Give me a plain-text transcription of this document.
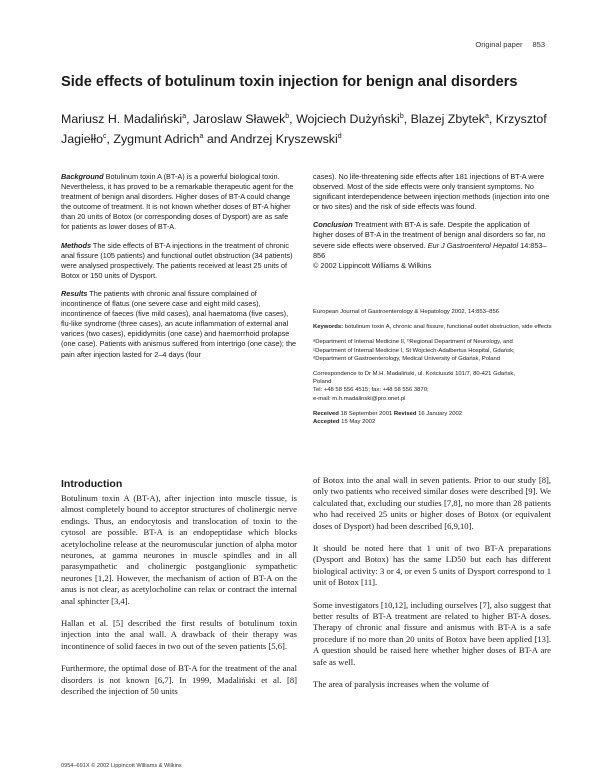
Original paper 853
Side effects of botulinum toxin injection for benign anal disorders
Mariusz H. Madaliński$^a$, Jaroslaw Sławek$^b$, Wojciech Dużyński$^b$, Blazej Zbytek$^a$, Krzysztof Jagiełło$^c$, Zygmunt Adrich$^a$ and Andrzej Kryszewski$^d$

Background Botulinum toxin A (BT-A) is a powerful biological toxin. Nevertheless, it has proved to be a remarkable therapeutic agent for the treatment of benign anal disorders. Higher doses of BT-A could change the outcome of treatment. It is not known whether doses of BT-A higher than 20 units of Botox (or corresponding doses of Dysport) are as safe for patients as lower doses of BT-A.

Methods The side effects of BT-A injections in the treatment of chronic anal fissure (105 patients) and functional outlet obstruction (34 patients) were analysed prospectively. The patients received at least 25 units of Botox or 150 units of Dysport.

Results The patients with chronic anal fissure complained of incontinence of flatus (one severe case and eight mild cases), incontinence of faeces (five mild cases), anal haematoma (five cases), flu-like syndrome (three cases), an acute inflammation of external anal varices (two cases), epididymitis (one case) and haemorrhoid prolapse (one case). Patients with anismus suffered from intertrigo (one case); the pain after injection lasted for 2–4 days (four

cases). No life-threatening side effects after 181 injections of BT-A were observed. Most of the side effects were only transient symptoms. No significant interdependence between injection methods (injection into one or two sites) and the risk of side effects was found.

Conclusion Treatment with BT-A is safe. Despite the application of higher doses of BT-A in the treatment of benign anal disorders so far, no severe side effects were observed. Eur J Gastroenterol Hepatol 14:853–856
© 2002 Lippincott Williams & Wilkins

European Journal of Gastroenterology & Hepatology 2002, 14:853–856

Keywords: botulinum toxin A, chronic anal fissure, functional outlet obstruction, side effects

ᵃDepartment of Internal Medicine II, ᵇRegional Department of Neurology, and

ᶜDepartment of Internal Medicine I, St Wojciech-Adalbertus Hospital, Gdańsk;

ᵈDepartment of Gastroenterology, Medical University of Gdańsk, Poland

Correspondence to Dr M.H. Madaliński, ul. Kościuszki 101/7, 80-421 Gdańsk,

Poland

Tel: +48 58 556 4515; fax: +48 58 556 3870;

e-mail: m.h.madalinski@pro.onet.pl

Received 18 September 2001 Revised 16 January 2002

Accepted 15 May 2002

Introduction

Botulinum toxin A (BT-A), after injection into muscle tissue, is almost completely bound to acceptor structures of cholinergic nerve endings. Thus, an endocytosis and translocation of toxin to the cytosol are possible. BT-A is an endopeptidase which blocks acetylocholine release at the neuromuscular junction of alpha motor neurones, at gamma neurones in muscle spindles and in all parasympathetic and cholinergic postganglionic sympathetic neurones [1,2]. However, the mechanism of action of BT-A on the anus is not clear, as acetylocholine can relax or contract the internal anal sphincter [3,4].

Hallan et al. [5] described the first results of botulinum toxin injection into the anal wall. A drawback of their therapy was incontinence of solid faeces in two out of the seven patients [5,6].

Furthermore, the optimal dose of BT-A for the treatment of the anal disorders is not known [6,7]. In 1999, Madaliński et al. [8] described the injection of 50 units

of Botox into the anal wall in seven patients. Prior to our study [8], only two patients who received similar doses were described [9]. We calculated that, excluding our studies [7,8], no more than 28 patients who had received 25 units or higher doses of Botox (or equivalent doses of Dysport) had been described [6,9,10].

It should be noted here that 1 unit of two BT-A preparations (Dysport and Botox) has the same LD50 but each has different biological activity: 3 or 4, or even 5 units of Dysport correspond to 1 unit of Botox [11].

Some investigators [10,12], including ourselves [7], also suggest that better results of BT-A treatment are related to higher BT-A doses. Therapy of chronic anal fissure and anismus with BT-A is a safe procedure if no more than 20 units of Botox have been applied [13]. A question should be raised here whether higher doses of BT-A are safe as well.

The area of paralysis increases when the volume of

0954–691X © 2002 Lippincott Williams & Wilkins
